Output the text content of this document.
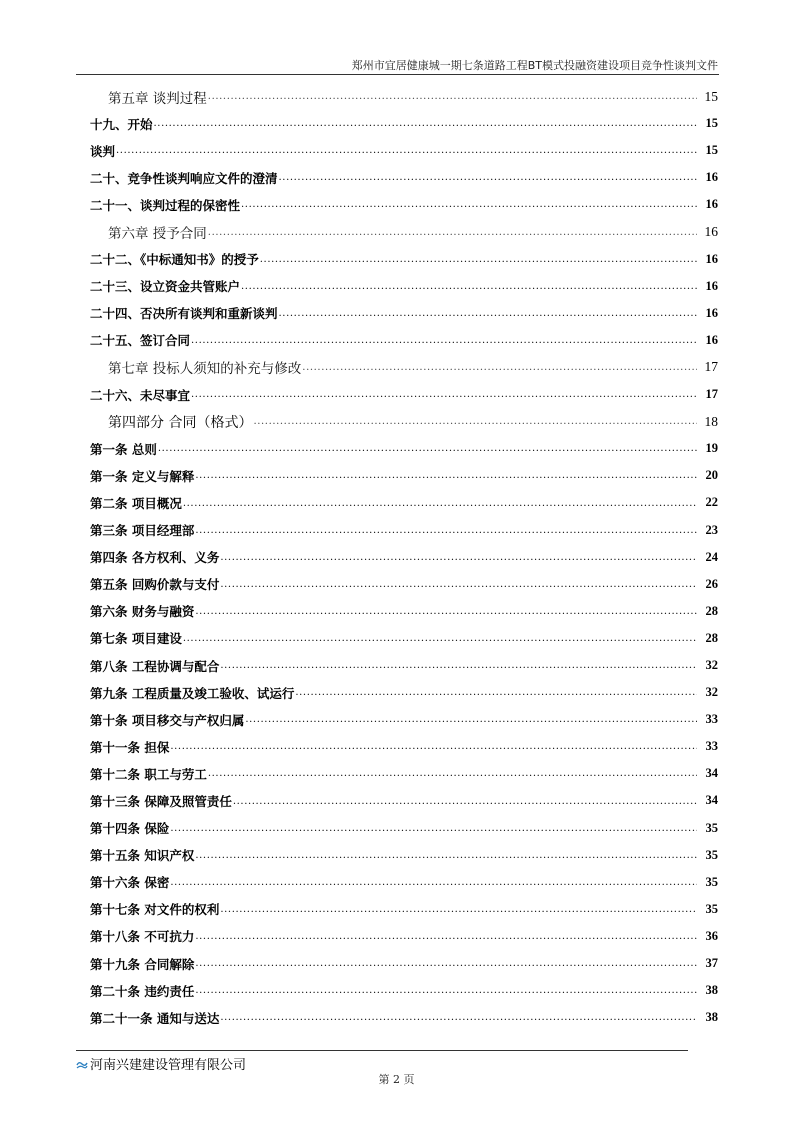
郑州市宜居健康城一期七条道路工程BT模式投融资建设项目竞争性谈判文件
第五章 谈判过程 .....	15
十九、开始 .....	15
谈判 .....	15
二十、竞争性谈判响应文件的澄清 .....	16
二十一、谈判过程的保密性 .....	16
第六章 授予合同 .....	16
二十二、《中标通知书》的授予 .....	16
二十三、设立资金共管账户 .....	16
二十四、否决所有谈判和重新谈判 .....	16
二十五、签订合同 .....	16
第七章 投标人须知的补充与修改 .....	17
二十六、未尽事宜 .....	17
第四部分 合同（格式） .....	18
第一条 总则 .....	19
第一条 定义与解释 .....	20
第二条 项目概况 .....	22
第三条 项目经理部 .....	23
第四条 各方权利、义务 .....	24
第五条 回购价款与支付 .....	26
第六条 财务与融资 .....	28
第七条 项目建设 .....	28
第八条 工程协调与配合 .....	32
第九条 工程质量及竣工验收、试运行 .....	32
第十条 项目移交与产权归属 .....	33
第十一条 担保 .....	33
第十二条 职工与劳工 .....	34
第十三条 保障及照管责任 .....	34
第十四条 保险 .....	35
第十五条 知识产权 .....	35
第十六条 保密 .....	35
第十七条 对文件的权利 .....	35
第十八条 不可抗力 .....	36
第十九条 合同解除 .....	37
第二十条 违约责任 .....	38
第二十一条 通知与送达 .....	38
河南兴建建设管理有限公司
第 2 页
